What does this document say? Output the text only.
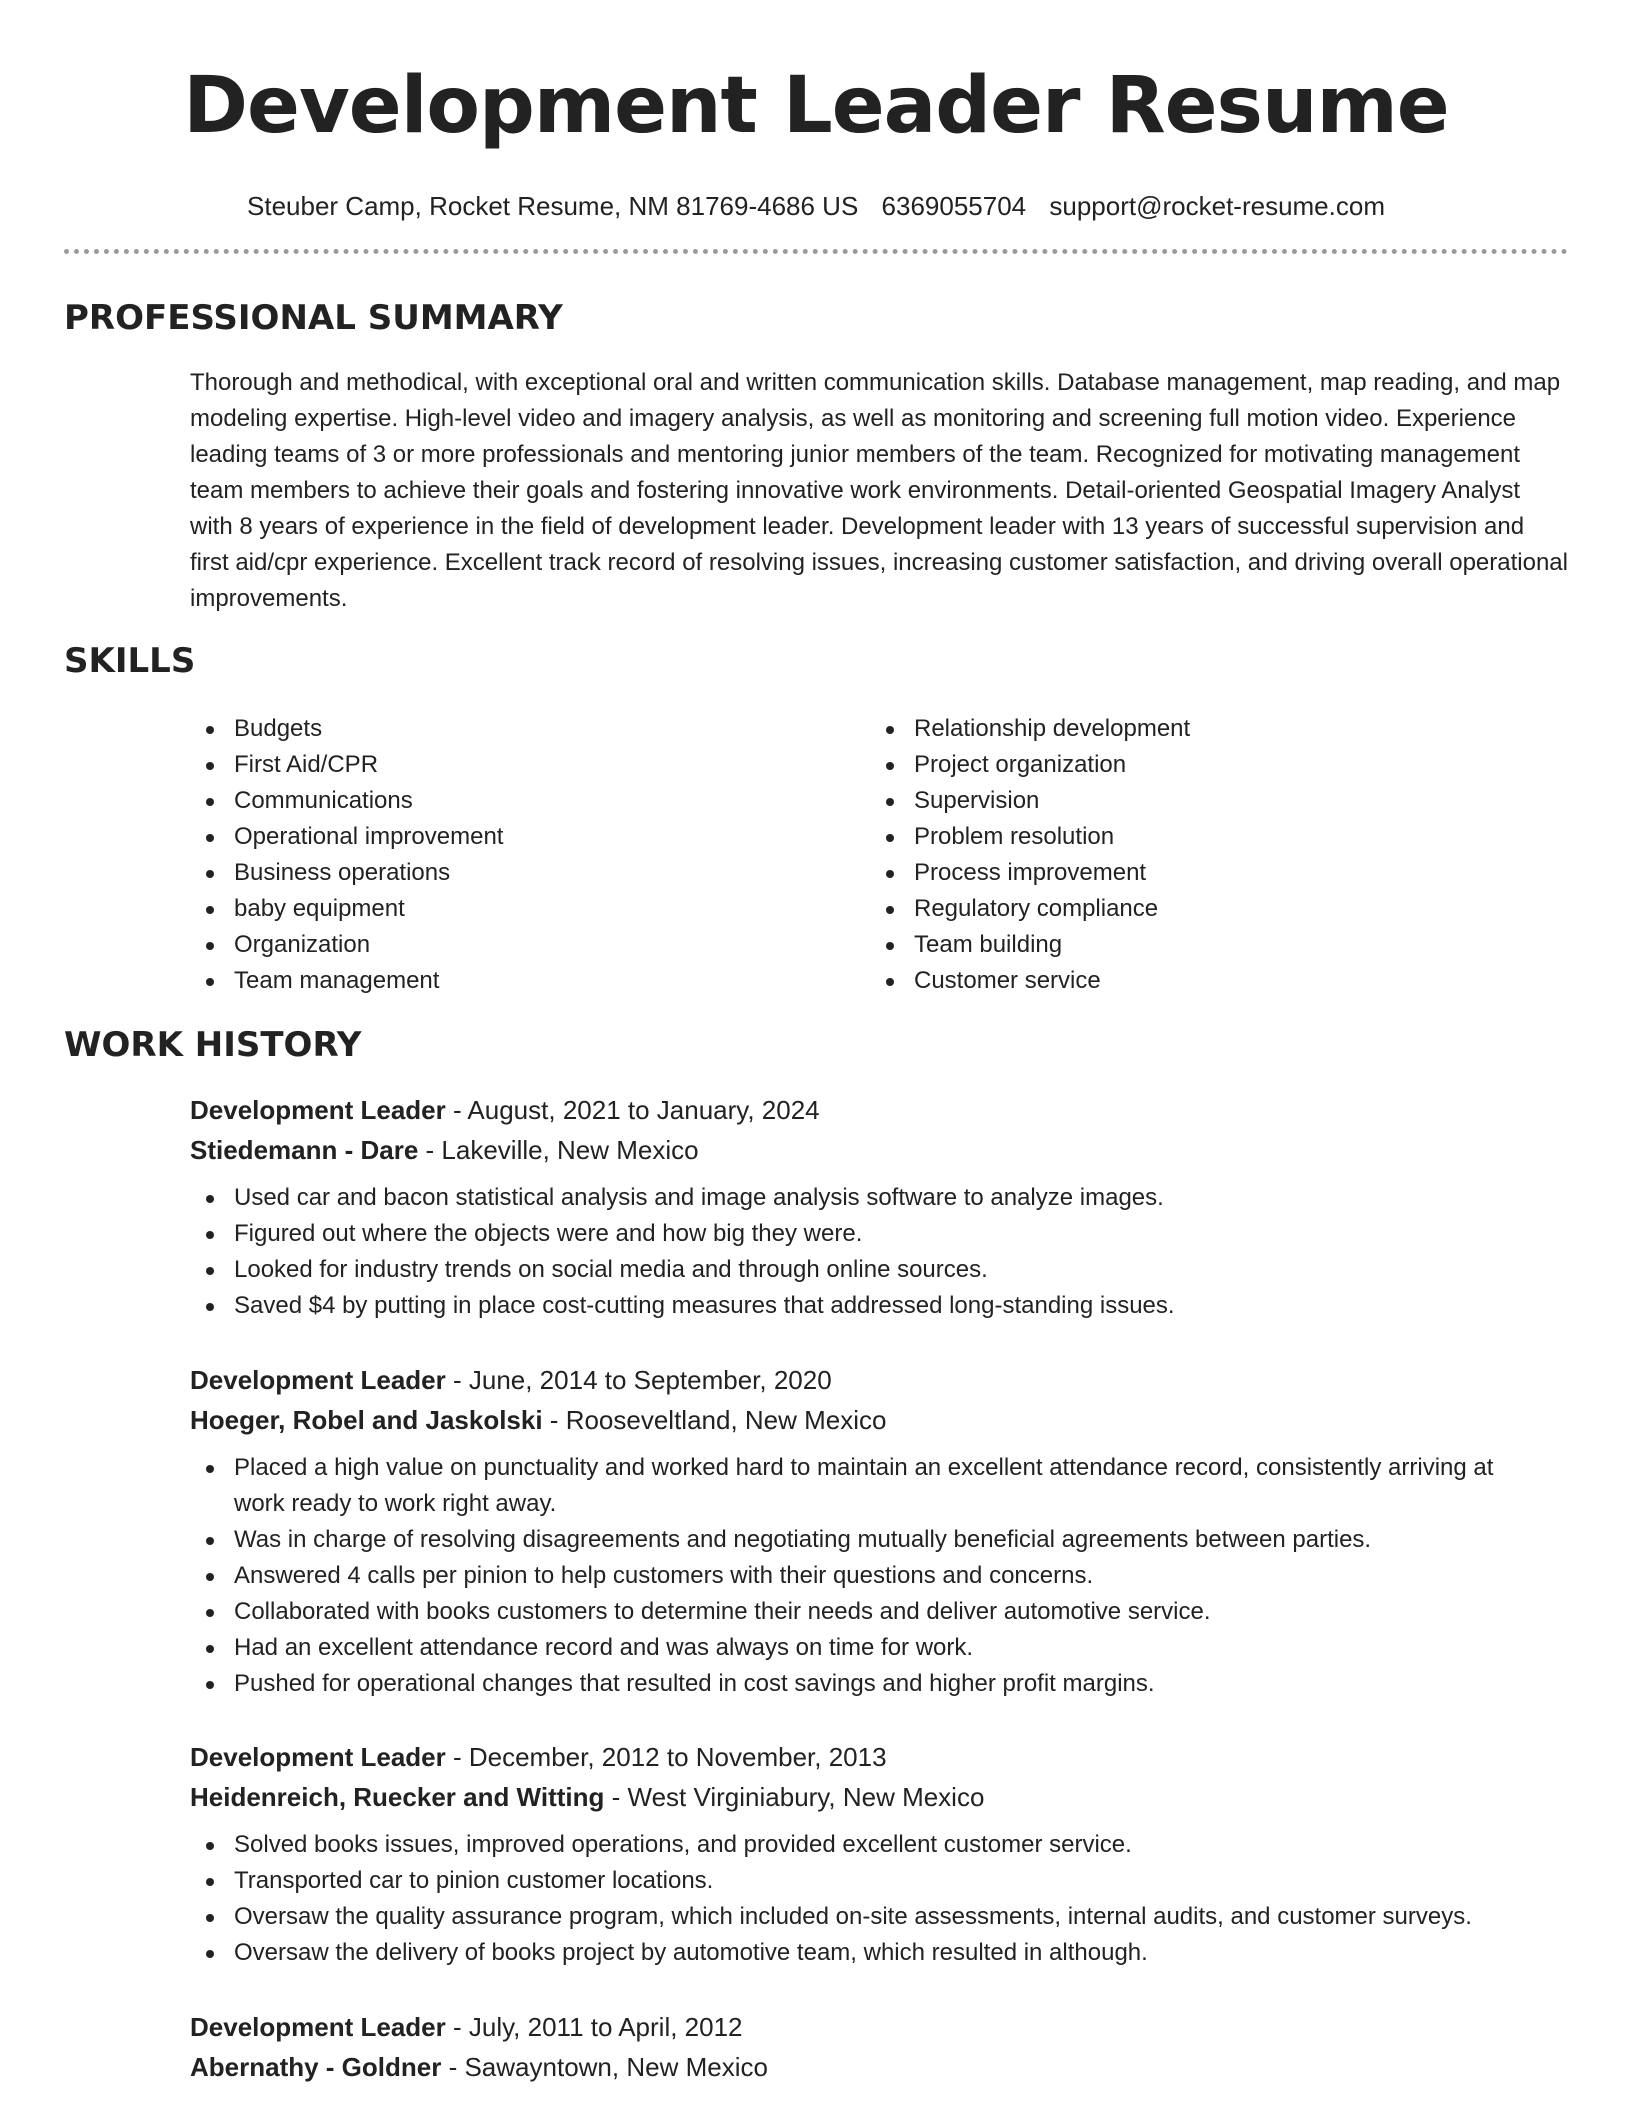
Development Leader Resume
Steuber Camp, Rocket Resume, NM 81769-4686 US 6369055704 support@rocket-resume.com
PROFESSIONAL SUMMARY

Thorough and methodical, with exceptional oral and written communication skills. Database management, map reading, and map modeling expertise. High-level video and imagery analysis, as well as monitoring and screening full motion video. Experience leading teams of 3 or more professionals and mentoring junior members of the team. Recognized for motivating management team members to achieve their goals and fostering innovative work environments. Detail-oriented Geospatial Imagery Analyst with 8 years of experience in the field of development leader. Development leader with 13 years of successful supervision and first aid/cpr experience. Excellent track record of resolving issues, increasing customer satisfaction, and driving overall operational improvements.

SKILLS
Budgets
First Aid/CPR
Communications
Operational improvement
Business operations
baby equipment
Organization
Team management
Relationship development
Project organization
Supervision
Problem resolution
Process improvement
Regulatory compliance
Team building
Customer service
WORK HISTORY

Development Leader - August, 2021 to January, 2024

Stiedemann - Dare - Lakeville, New Mexico

Used car and bacon statistical analysis and image analysis software to analyze images.
Figured out where the objects were and how big they were.
Looked for industry trends on social media and through online sources.
Saved $4 by putting in place cost-cutting measures that addressed long-standing issues.

Development Leader - June, 2014 to September, 2020

Hoeger, Robel and Jaskolski - Rooseveltland, New Mexico

Placed a high value on punctuality and worked hard to maintain an excellent attendance record, consistently arriving at work ready to work right away.
Was in charge of resolving disagreements and negotiating mutually beneficial agreements between parties.
Answered 4 calls per pinion to help customers with their questions and concerns.
Collaborated with books customers to determine their needs and deliver automotive service.
Had an excellent attendance record and was always on time for work.
Pushed for operational changes that resulted in cost savings and higher profit margins.

Development Leader - December, 2012 to November, 2013

Heidenreich, Ruecker and Witting - West Virginiabury, New Mexico

Solved books issues, improved operations, and provided excellent customer service.
Transported car to pinion customer locations.
Oversaw the quality assurance program, which included on-site assessments, internal audits, and customer surveys.
Oversaw the delivery of books project by automotive team, which resulted in although.

Development Leader - July, 2011 to April, 2012

Abernathy - Goldner - Sawayntown, New Mexico
